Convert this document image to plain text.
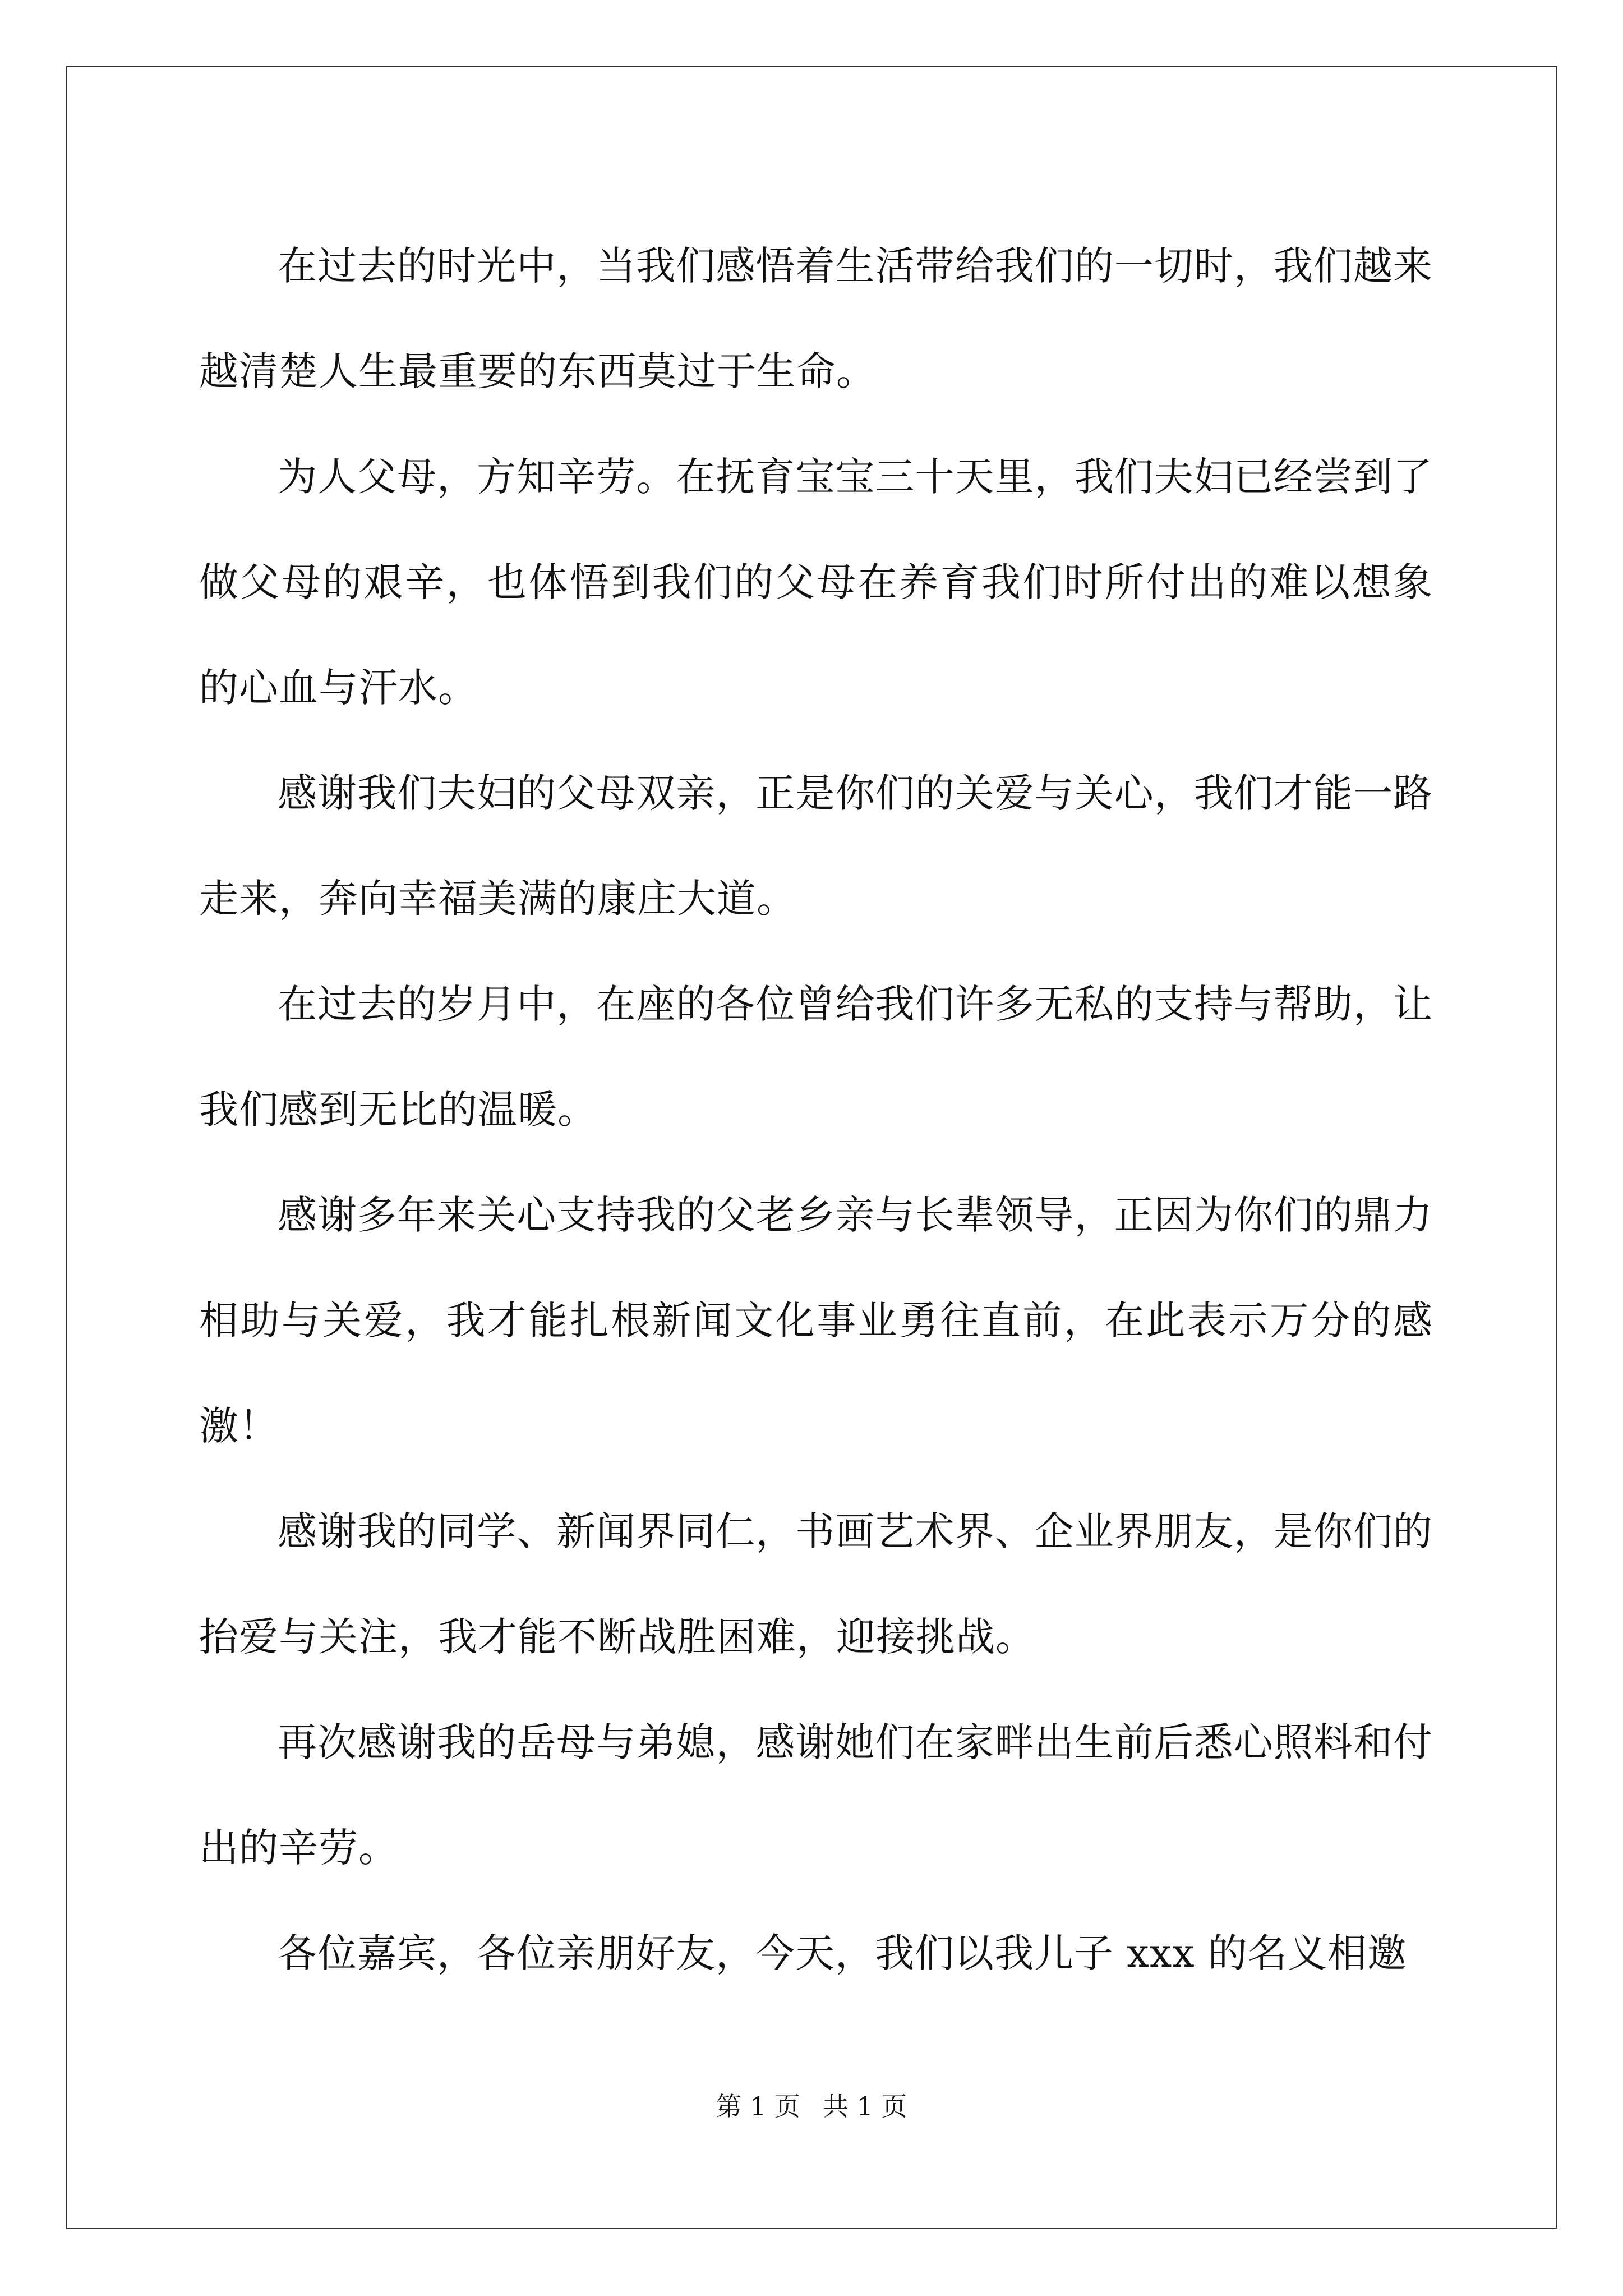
在过去的时光中，当我们感悟着生活带给我们的一切时，我们越来越清楚人生最重要的东西莫过于生命。

为人父母，方知辛劳。在抚育宝宝三十天里，我们夫妇已经尝到了做父母的艰辛，也体悟到我们的父母在养育我们时所付出的难以想象的心血与汗水。

感谢我们夫妇的父母双亲，正是你们的关爱与关心，我们才能一路走来，奔向幸福美满的康庄大道。

在过去的岁月中，在座的各位曾给我们许多无私的支持与帮助，让我们感到无比的温暖。

感谢多年来关心支持我的父老乡亲与长辈领导，正因为你们的鼎力相助与关爱，我才能扎根新闻文化事业勇往直前，在此表示万分的感激！

感谢我的同学、新闻界同仁，书画艺术界、企业界朋友，是你们的抬爱与关注，我才能不断战胜困难，迎接挑战。

再次感谢我的岳母与弟媳，感谢她们在家畔出生前后悉心照料和付出的辛劳。

各位嘉宾，各位亲朋好友，今天，我们以我儿子 xxx 的名义相邀

第 1 页 共 1 页
